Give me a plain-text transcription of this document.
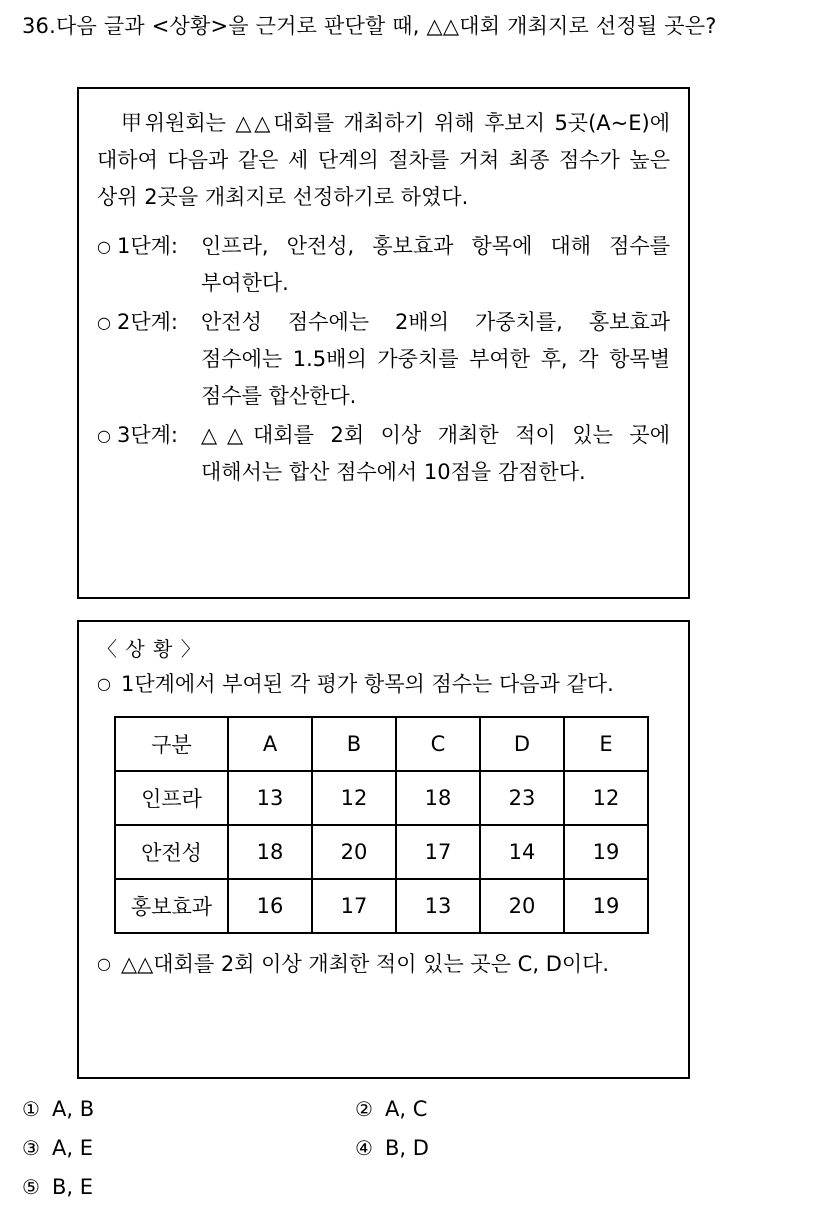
36. 다음 글과 <상황>을 근거로 판단할 때, △△대회 개최지로 선정될 곳은?

甲위원회는 △△대회를 개최하기 위해 후보지 5곳(A~E)에 대하여 다음과 같은 세 단계의 절차를 거쳐 최종 점수가 높은 상위 2곳을 개최지로 선정하기로 하였다.

○ 1단계:	인프라, 안전성, 홍보효과 항목에 대해 점수를 부여한다.
○ 2단계:	안전성 점수에는 2배의 가중치를, 홍보효과 점수에는 1.5배의 가중치를 부여한 후, 각 항목별 점수를 합산한다.
○ 3단계:	△△대회를 2회 이상 개최한 적이 있는 곳에 대해서는 합산 점수에서 10점을 감점한다.
〈 상 황 〉
○ 1단계에서 부여된 각 평가 항목의 점수는 다음과 같다.
구분	A	B	C	D	E
인프라	13	12	18	23	12
안전성	18	20	17	14	19
홍보효과	16	17	13	20	19
○ △△대회를 2회 이상 개최한 적이 있는 곳은 C, D이다.
① A, B	② A, C
③ A, E	④ B, D
⑤ B, E
